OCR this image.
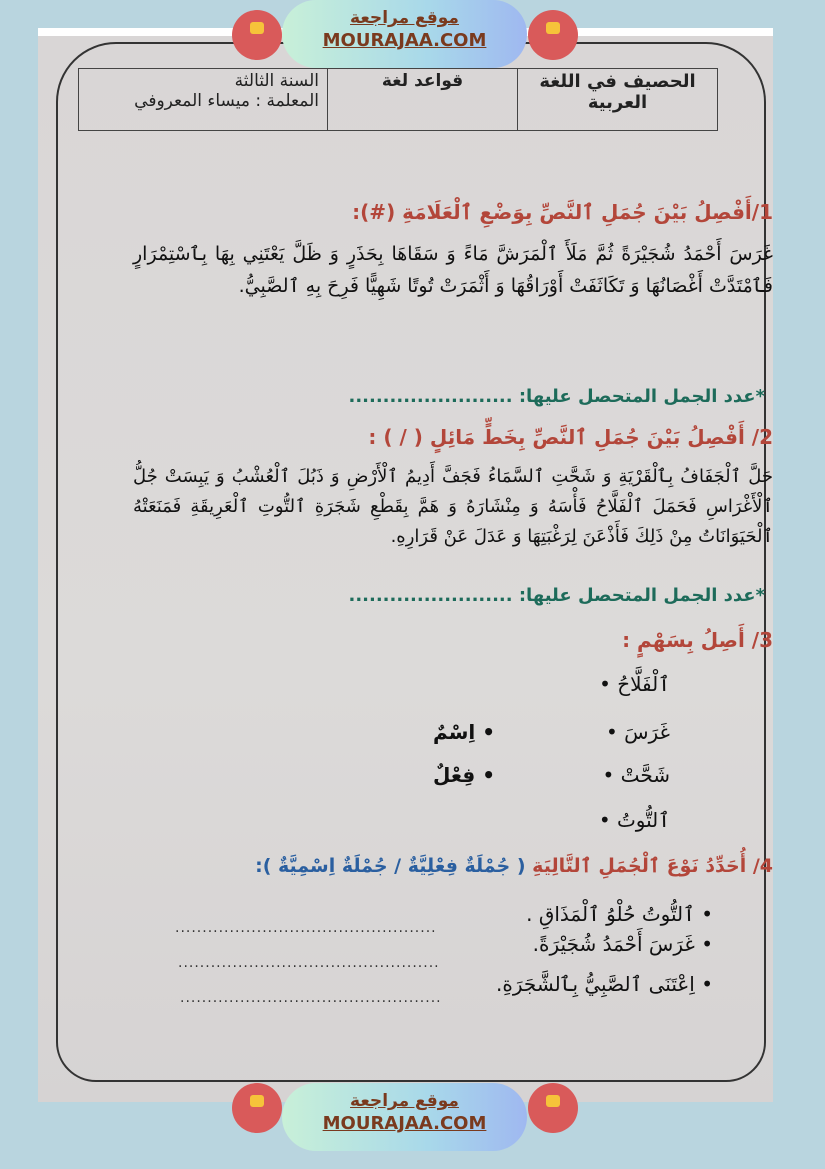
الحصيف في اللغة العربية	قواعد لغة	
السنة الثالثة
المعلمة : ميساء المعروفي
1/أَفْصِلُ بَيْنَ جُمَلِ ٱلنَّصِّ بِوَضْعِ ٱلْعَلَامَةِ (#):
غَرَسَ أَحْمَدُ شُجَيْرَةً ثُمَّ مَلَأَ ٱلْمَرَشَّ مَاءً وَ سَقَاهَا بِحَذَرٍ وَ ظَلَّ يَعْتَنِي بِهَا بِٱسْتِمْرَارٍ فَٱمْتَدَّتْ أَغْصَانُهَا وَ تَكَاثَفَتْ أَوْرَاقُهَا وَ أَثْمَرَتْ تُوتًا شَهِيًّا فَرِحَ بِهِ ٱلصَّبِيُّ.
*عدد الجمل المتحصل عليها: ........................
2/ أَفْصِلُ بَيْنَ جُمَلِ ٱلنَّصِّ بِخَطٍّ مَائِلٍ ( / ) :
حَلَّ ٱلْجَفَافُ بِٱلْقَرْيَةِ وَ شَحَّتِ ٱلسَّمَاءُ فَجَفَّ أَدِيمُ ٱلْأَرْضِ وَ ذَبُلَ ٱلْعُشْبُ وَ يَبِسَتْ جُلُّ ٱلْأَغْرَاسِ فَحَمَلَ ٱلْفَلَّاحُ فَأْسَهُ وَ مِنْشَارَهُ وَ هَمَّ بِقَطْعِ شَجَرَةِ ٱلتُّوتِ ٱلْعَرِيقَةِ فَمَنَعَتْهُ ٱلْحَيَوَانَاتُ مِنْ ذَلِكَ فَأَذْعَنَ لِرَغْبَتِهَا وَ عَدَلَ عَنْ قَرَارِهِ.
*عدد الجمل المتحصل عليها: ........................
3/ أَصِلُ بِسَهْمٍ :
ٱلْفَلَّاحُ •
غَرَسَ •
شَحَّتْ •
ٱلتُّوتُ •
• اِسْمٌ
• فِعْلٌ
4/ أُحَدِّدُ نَوْعَ ٱلْجُمَلِ ٱلتَّالِيَةِ ( جُمْلَةٌ فِعْلِيَّةٌ / جُمْلَةٌ اِسْمِيَّةٌ ):
• ٱلتُّوتُ حُلْوُ ٱلْمَذَاقِ .
• غَرَسَ أَحْمَدُ شُجَيْرَةً.
• اِعْتَنَى ٱلصَّبِيُّ بِٱلشَّجَرَةِ.
................................................
................................................
................................................
موقع مراجعة
MOURAJAA.COM
موقع مراجعة
MOURAJAA.COM
